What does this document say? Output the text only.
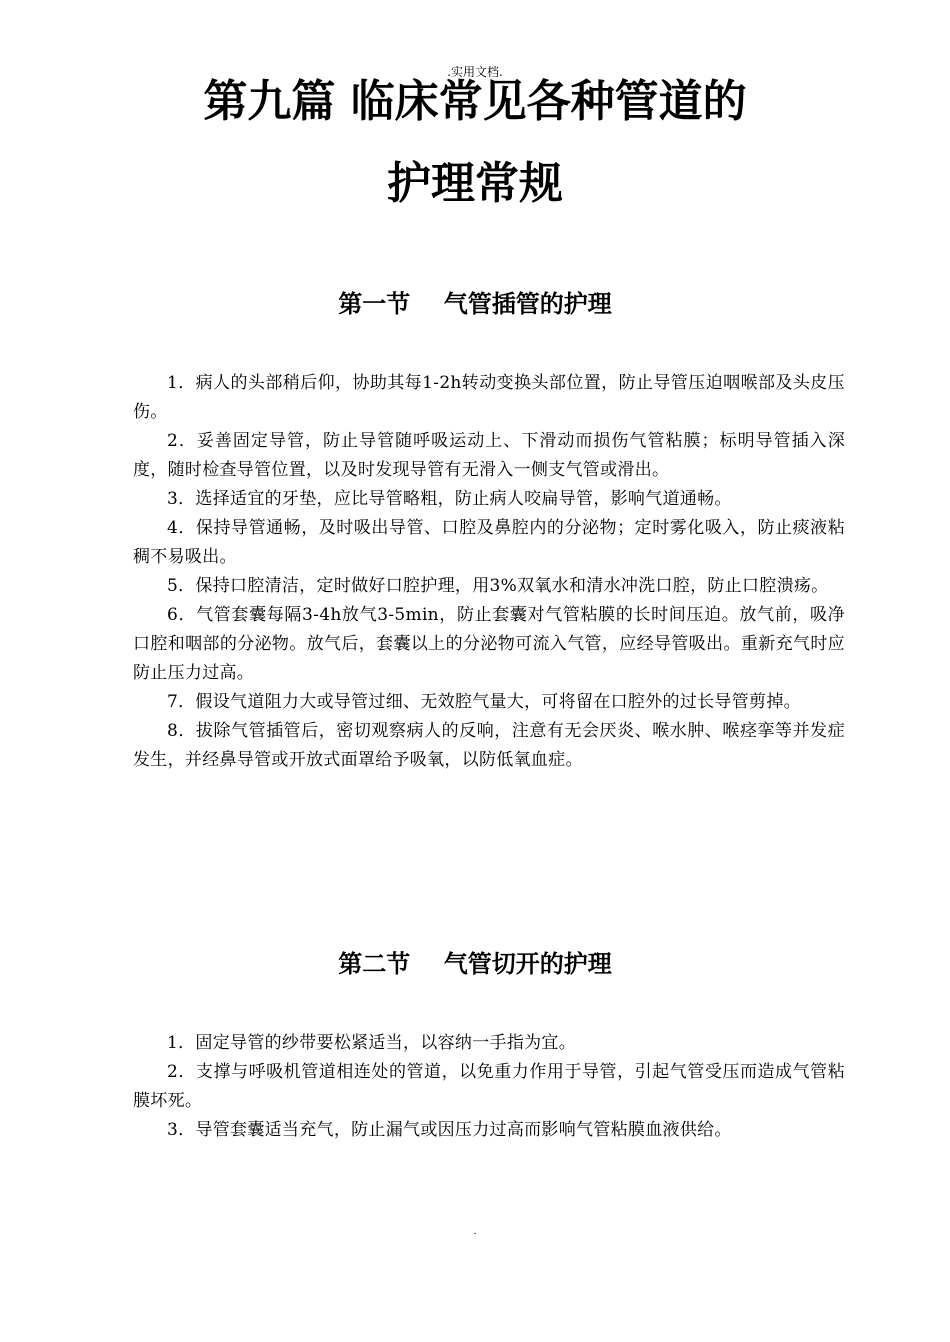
.实用文档.
第九篇 临床常见各种管道的
护理常规
第一节    气管插管的护理

1．病人的头部稍后仰，协助其每1-2h转动变换头部位置，防止导管压迫咽喉部及头皮压伤。

2．妥善固定导管，防止导管随呼吸运动上、下滑动而损伤气管粘膜；标明导管插入深度，随时检查导管位置，以及时发现导管有无滑入一侧支气管或滑出。

3．选择适宜的牙垫，应比导管略粗，防止病人咬扁导管，影响气道通畅。

4．保持导管通畅，及时吸出导管、口腔及鼻腔内的分泌物；定时雾化吸入，防止痰液粘稠不易吸出。

5．保持口腔清洁，定时做好口腔护理，用3%双氧水和清水冲洗口腔，防止口腔溃疡。

6．气管套囊每隔3-4h放气3-5min，防止套囊对气管粘膜的长时间压迫。放气前，吸净口腔和咽部的分泌物。放气后，套囊以上的分泌物可流入气管，应经导管吸出。重新充气时应防止压力过高。

7．假设气道阻力大或导管过细、无效腔气量大，可将留在口腔外的过长导管剪掉。

8．拔除气管插管后，密切观察病人的反响，注意有无会厌炎、喉水肿、喉痉挛等并发症发生，并经鼻导管或开放式面罩给予吸氧，以防低氧血症。

第二节    气管切开的护理

1．固定导管的纱带要松紧适当，以容纳一手指为宜。

2．支撑与呼吸机管道相连处的管道，以免重力作用于导管，引起气管受压而造成气管粘膜坏死。

3．导管套囊适当充气，防止漏气或因压力过高而影响气管粘膜血液供给。

.
